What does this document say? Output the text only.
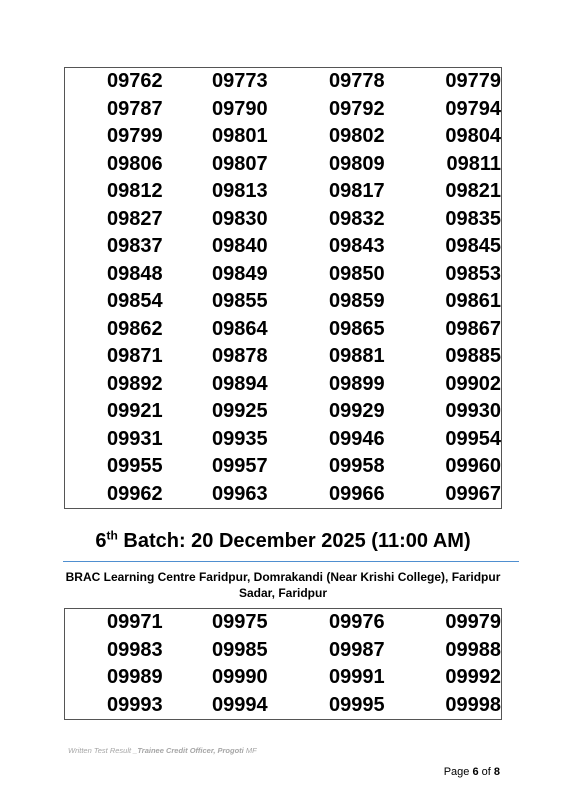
09762	09773	09778	09779
09787	09790	09792	09794
09799	09801	09802	09804
09806	09807	09809	09811
09812	09813	09817	09821
09827	09830	09832	09835
09837	09840	09843	09845
09848	09849	09850	09853
09854	09855	09859	09861
09862	09864	09865	09867
09871	09878	09881	09885
09892	09894	09899	09902
09921	09925	09929	09930
09931	09935	09946	09954
09955	09957	09958	09960
09962	09963	09966	09967
6th Batch: 20 December 2025 (11:00 AM)
BRAC Learning Centre Faridpur, Domrakandi (Near Krishi College), Faridpur
Sadar, Faridpur
09971	09975	09976	09979
09983	09985	09987	09988
09989	09990	09991	09992
09993	09994	09995	09998
Written Test Result _Trainee Credit Officer, Progoti MF
Page 6 of 8
